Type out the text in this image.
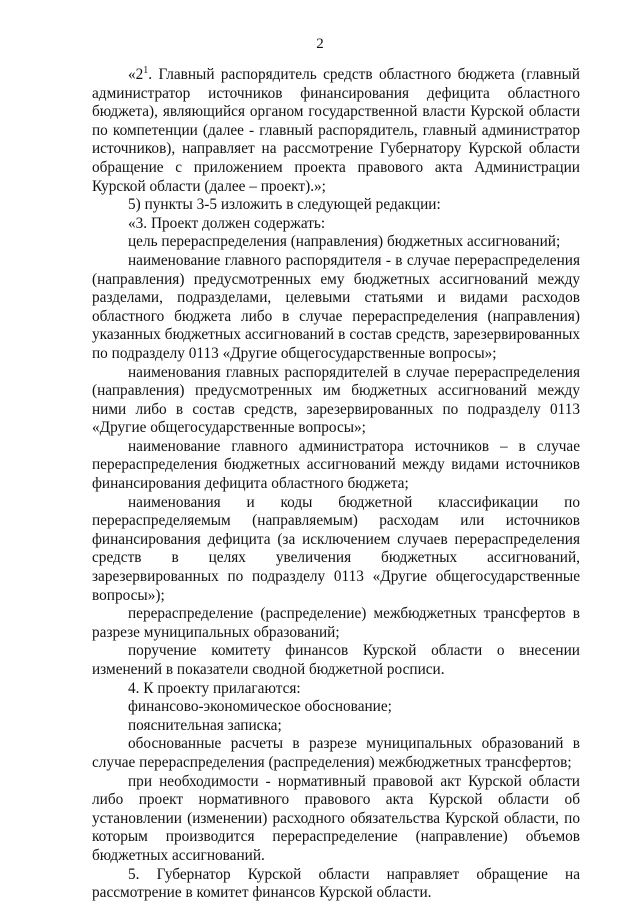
2

«$2^1$. Главный распорядитель средств областного бюджета (главный администратор источников финансирования дефицита областного бюджета), являющийся органом государственной власти Курской области по компетенции (далее - главный распорядитель, главный администратор источников), направляет на рассмотрение Губернатору Курской области обращение с приложением проекта правового акта Администрации Курской области (далее – проект).»;

5) пункты 3-5 изложить в следующей редакции:

«3. Проект должен содержать:

цель перераспределения (направления) бюджетных ассигнований;

наименование главного распорядителя - в случае перераспределения (направления) предусмотренных ему бюджетных ассигнований между разделами, подразделами, целевыми статьями и видами расходов областного бюджета либо в случае перераспределения (направления) указанных бюджетных ассигнований в состав средств, зарезервированных по подразделу 0113 «Другие общегосударственные вопросы»;

наименования главных распорядителей в случае перераспределения (направления) предусмотренных им бюджетных ассигнований между ними либо в состав средств, зарезервированных по подразделу 0113 «Другие общегосударственные вопросы»;

наименование главного администратора источников – в случае перераспределения бюджетных ассигнований между видами источников финансирования дефицита областного бюджета;

наименования и коды бюджетной классификации по перераспределяемым (направляемым) расходам или источников финансирования дефицита (за исключением случаев перераспределения средств в целях увеличения бюджетных ассигнований, зарезервированных по подразделу 0113 «Другие общегосударственные вопросы»);

перераспределение (распределение) межбюджетных трансфертов в разрезе муниципальных образований;

поручение комитету финансов Курской области о внесении изменений в показатели сводной бюджетной росписи.

4. К проекту прилагаются:

финансово-экономическое обоснование;

пояснительная записка;

обоснованные расчеты в разрезе муниципальных образований в случае перераспределения (распределения) межбюджетных трансфертов;

при необходимости - нормативный правовой акт Курской области либо проект нормативного правового акта Курской области об установлении (изменении) расходного обязательства Курской области, по которым производится перераспределение (направление) объемов бюджетных ассигнований.

5. Губернатор Курской области направляет обращение на рассмотрение в комитет финансов Курской области.
